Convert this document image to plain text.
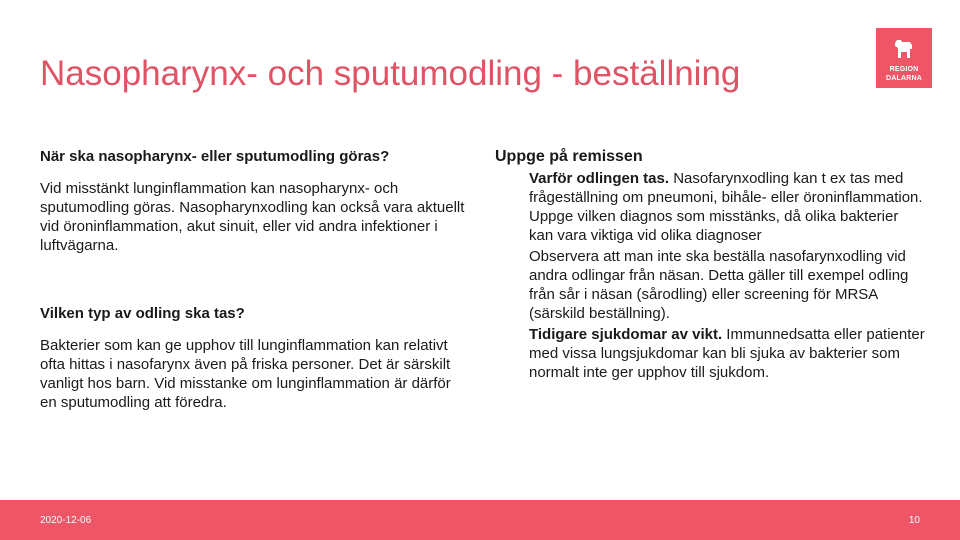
Nasopharynx- och sputumodling - beställning	REGION
DALARNA

När ska nasopharynx- eller sputumodling göras?

Vid misstänkt lunginflammation kan nasopharynx- och sputumodling göras. Nasopharynxodling kan också vara aktuellt vid öroninflammation, akut sinuit, eller vid andra infektioner i luftvägarna.

Vilken typ av odling ska tas?

Bakterier som kan ge upphov till lunginflammation kan relativt ofta hittas i nasofarynx även på friska personer. Det är särskilt vanligt hos barn. Vid misstanke om lunginflammation är därför en sputumodling att föredra.

Uppge på remissen

Varför odlingen tas. Nasofarynxodling kan t ex tas med frågeställning om pneumoni, bihåle- eller öroninflammation. Uppge vilken diagnos som misstänks, då olika bakterier kan vara viktiga vid olika diagnoser

Observera att man inte ska beställa nasofarynxodling vid andra odlingar från näsan. Detta gäller till exempel odling från sår i näsan (sårodling) eller screening för MRSA (särskild beställning).

Tidigare sjukdomar av vikt. Immunnedsatta eller patienter med vissa lungsjukdomar kan bli sjuka av bakterier som normalt inte ger upphov till sjukdom.

2020-12-06	10
